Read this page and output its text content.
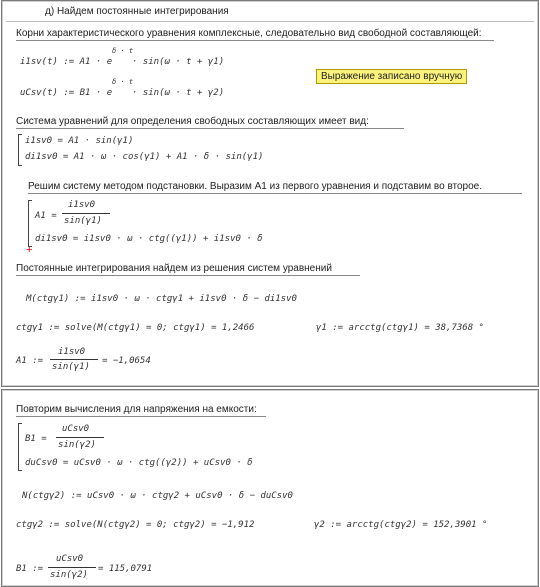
д) Найдем постоянные интегрирования
Корни характеристического уравнения комплексные, следовательно вид свободной составляющей:
i1sv(t) := A1 · e
δ · t
· sin(ω · t + γ1)
Выражение записано вручную
uCsv(t) := B1 · e
δ · t
· sin(ω · t + γ2)
Система уравнений для определения свободных составляющих имеет вид:
i1sv0 = A1 · sin(γ1)
di1sv0 = A1 · ω · cos(γ1) + A1 · δ · sin(γ1)
Решим систему методом подстановки. Выразим А1 из первого уравнения и подставим во второе.
A1 =
i1sv0
sin(γ1)
di1sv0 = i1sv0 · ω · ctg((γ1)) + i1sv0 · δ
+
Постоянные интегрирования найдем из решения систем уравнений
M(ctgγ1) := i1sv0 · ω · ctgγ1 + i1sv0 · δ − di1sv0
ctgγ1 := solve(M(ctgγ1) = 0; ctgγ1) = 1,2466	γ1 := arcctg(ctgγ1) = 38,7368 °
A1 :=
i1sv0
sin(γ1)
= −1,0654
Повторим вычисления для напряжения на емкости:
B1 =
uCsv0
sin(γ2)
duCsv0 = uCsv0 · ω · ctg((γ2)) + uCsv0 · δ
N(ctgγ2) := uCsv0 · ω · ctgγ2 + uCsv0 · δ − duCsv0
ctgγ2 := solve(N(ctgγ2) = 0; ctgγ2) = −1,912	γ2 := arcctg(ctgγ2) = 152,3901 °
B1 :=
uCsv0
sin(γ2)
= 115,0791
